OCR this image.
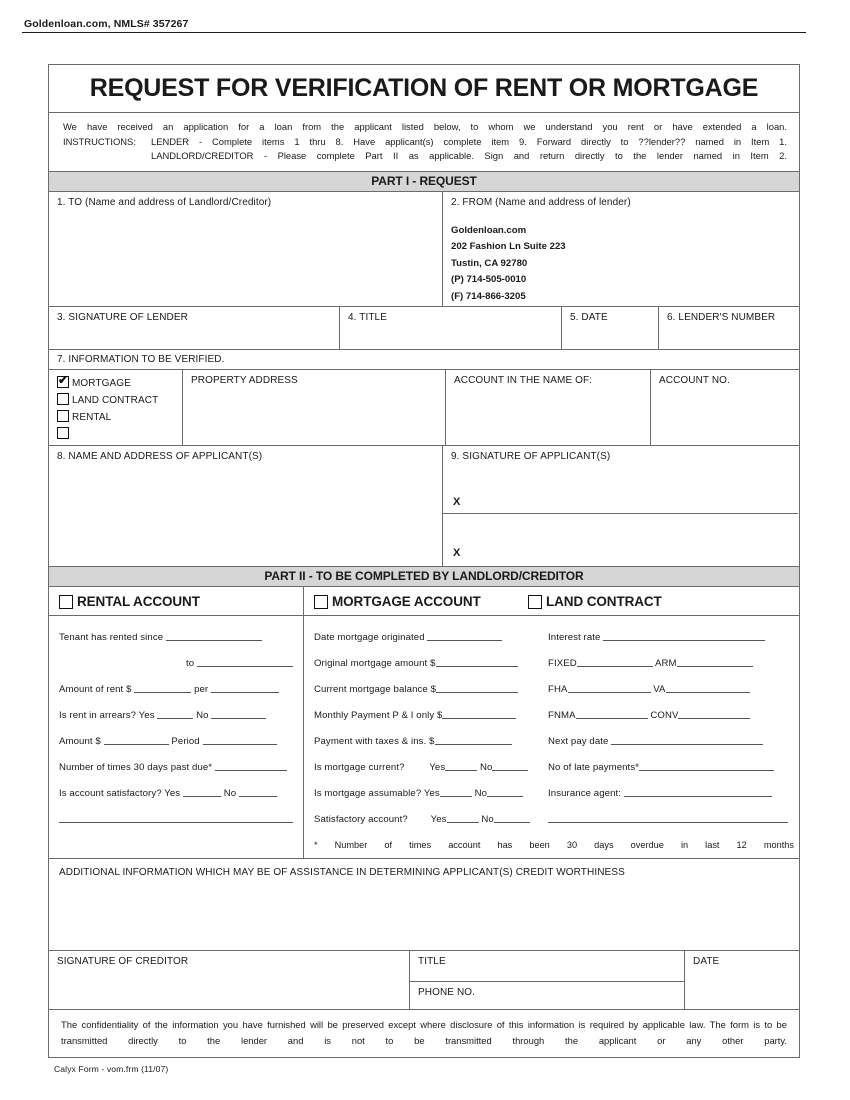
Goldenloan.com, NMLS# 357267
REQUEST FOR VERIFICATION OF RENT OR MORTGAGE
We have received an application for a loan from the applicant listed below, to whom we understand you rent or have extended a loan.
INSTRUCTIONS:	LENDER - Complete items 1 thru 8. Have applicant(s) complete item 9. Forward directly to ??lender?? named in Item 1.
LANDLORD/CREDITOR - Please complete Part II as applicable. Sign and return directly to the lender named in Item 2.
PART I - REQUEST
1. TO (Name and address of Landlord/Creditor)	2. FROM (Name and address of lender)
Goldenloan.com
202 Fashion Ln Suite 223
Tustin, CA 92780
(P) 714-505-0010
(F) 714-866-3205
3. SIGNATURE OF LENDER	4. TITLE	5. DATE	6. LENDER'S NUMBER
7. INFORMATION TO BE VERIFIED.
✔MORTGAGE
LAND CONTRACT
RENTAL
PROPERTY ADDRESS	ACCOUNT IN THE NAME OF:	ACCOUNT NO.
8. NAME AND ADDRESS OF APPLICANT(S)	9. SIGNATURE OF APPLICANT(S)
X
X
PART II - TO BE COMPLETED BY LANDLORD/CREDITOR
RENTAL ACCOUNT	MORTGAGE ACCOUNT	LAND CONTRACT
Tenant has rented since
to
Amount of rent $	per
Is rent in arrears? Yes	No
Amount $	Period
Number of times 30 days past due*
Is account satisfactory? Yes	No
Date mortgage originated
Original mortgage amount $
Current mortgage balance $
Monthly Payment P & I only $
Payment with taxes & ins. $
Is mortgage current?	Yes	No
Is mortgage assumable? Yes	No
Satisfactory account? Yes	No
* Number of times account has been 30 days overdue in last 12 months
Interest rate
FIXED	ARM
FHA	VA
FNMA	CONV
Next pay date
No of late payments*
Insurance agent:
ADDITIONAL INFORMATION WHICH MAY BE OF ASSISTANCE IN DETERMINING APPLICANT(S) CREDIT WORTHINESS
SIGNATURE OF CREDITOR	TITLE
PHONE NO.
DATE

The confidentiality of the information you have furnished will be preserved except where disclosure of this information is required by applicable law. The form is to be transmitted directly to the lender and is not to be transmitted through the applicant or any other party.

Calyx Form - vom.frm (11/07)
